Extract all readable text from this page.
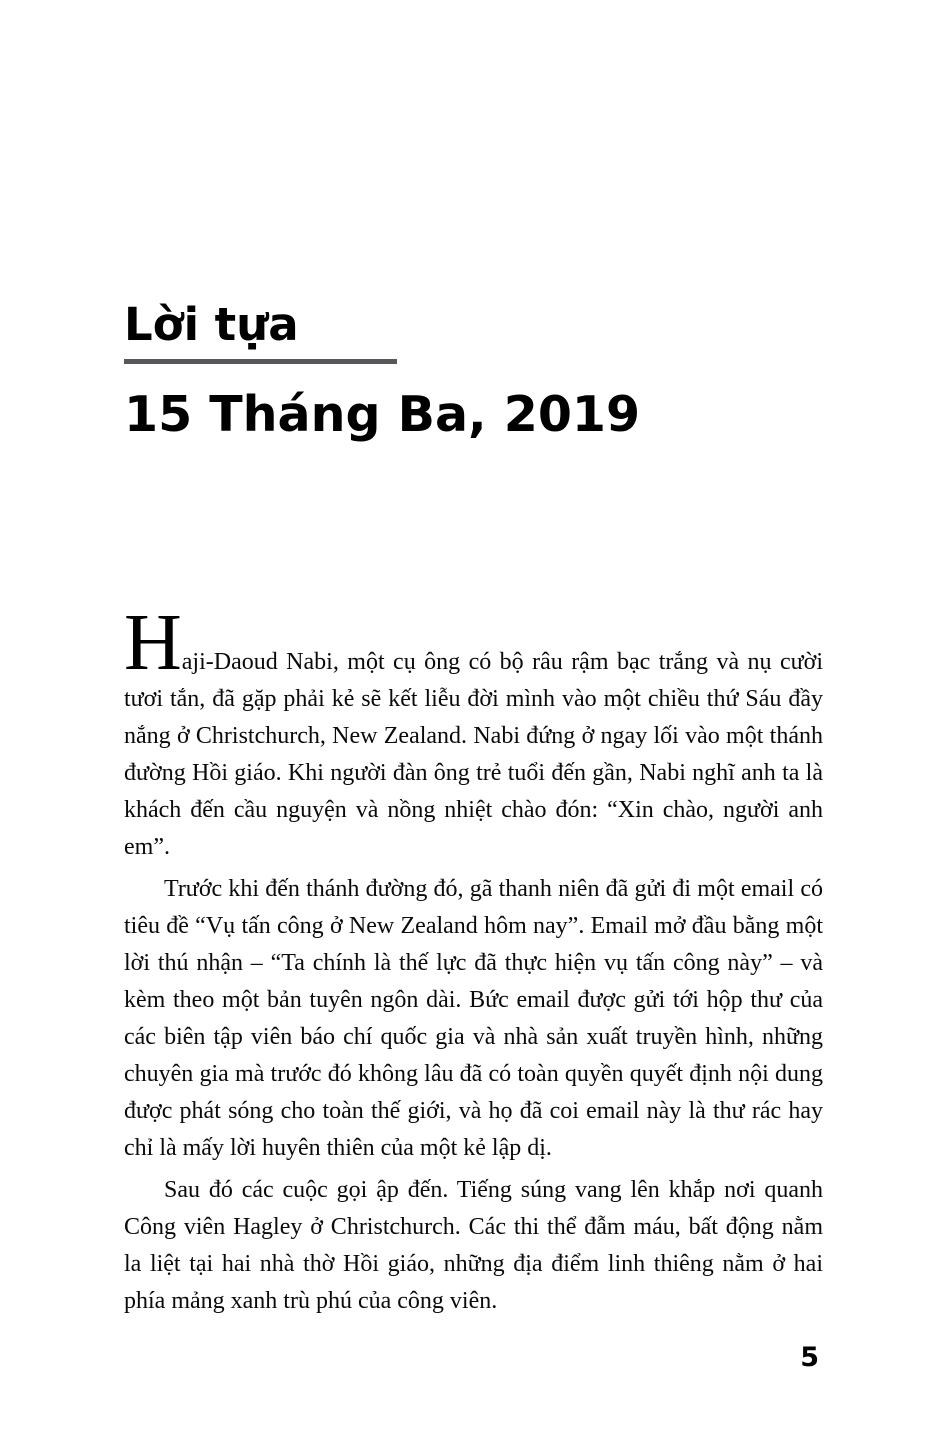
Lời tựa
15 Tháng Ba, 2019

Haji-Daoud Nabi, một cụ ông có bộ râu rậm bạc trắng và nụ cười tươi tắn, đã gặp phải kẻ sẽ kết liễu đời mình vào một chiều thứ Sáu đầy nắng ở Christchurch, New Zealand. Nabi đứng ở ngay lối vào một thánh đường Hồi giáo. Khi người đàn ông trẻ tuổi đến gần, Nabi nghĩ anh ta là khách đến cầu nguyện và nồng nhiệt chào đón: “Xin chào, người anh em”.

Trước khi đến thánh đường đó, gã thanh niên đã gửi đi một email có tiêu đề “Vụ tấn công ở New Zealand hôm nay”. Email mở đầu bằng một lời thú nhận – “Ta chính là thế lực đã thực hiện vụ tấn công này” – và kèm theo một bản tuyên ngôn dài. Bức email được gửi tới hộp thư của các biên tập viên báo chí quốc gia và nhà sản xuất truyền hình, những chuyên gia mà trước đó không lâu đã có toàn quyền quyết định nội dung được phát sóng cho toàn thế giới, và họ đã coi email này là thư rác hay chỉ là mấy lời huyên thiên của một kẻ lập dị.

Sau đó các cuộc gọi ập đến. Tiếng súng vang lên khắp nơi quanh Công viên Hagley ở Christchurch. Các thi thể đẫm máu, bất động nằm la liệt tại hai nhà thờ Hồi giáo, những địa điểm linh thiêng nằm ở hai phía mảng xanh trù phú của công viên.

5
